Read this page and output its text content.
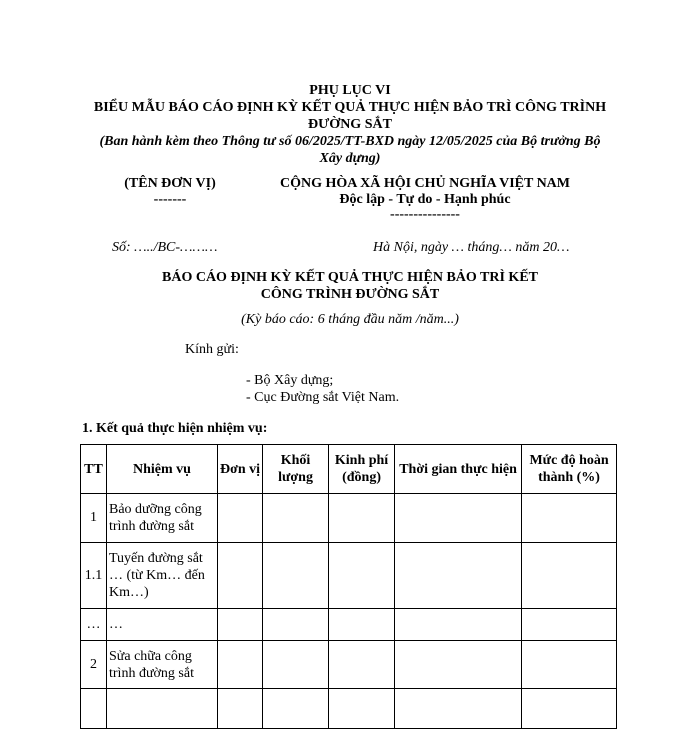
PHỤ LỤC VI
BIỂU MẪU BÁO CÁO ĐỊNH KỲ KẾT QUẢ THỰC HIỆN BẢO TRÌ CÔNG TRÌNH
ĐƯỜNG SẮT
(Ban hành kèm theo Thông tư số 06/2025/TT-BXD ngày 12/05/2025 của Bộ trưởng Bộ
Xây dựng)
(TÊN ĐƠN VỊ)
-------
CỘNG HÒA XÃ HỘI CHỦ NGHĨA VIỆT NAM
Độc lập - Tự do - Hạnh phúc
---------------
Số: …../BC-………	Hà Nội, ngày … tháng… năm 20…
BÁO CÁO ĐỊNH KỲ KẾT QUẢ THỰC HIỆN BẢO TRÌ KẾT
CÔNG TRÌNH ĐƯỜNG SẮT
(Kỳ báo cáo: 6 tháng đầu năm /năm...)
Kính gửi:
- Bộ Xây dựng;
- Cục Đường sắt Việt Nam.
1. Kết quả thực hiện nhiệm vụ:
TT	Nhiệm vụ	Đơn vị	Khối lượng	Kinh phí (đồng)	Thời gian thực hiện	Mức độ hoàn thành (%)
1	Bảo dưỡng công trình đường sắt					
1.1	Tuyến đường sắt … (từ Km… đến Km…)					
…	…					
2	Sửa chữa công trình đường sắt					
